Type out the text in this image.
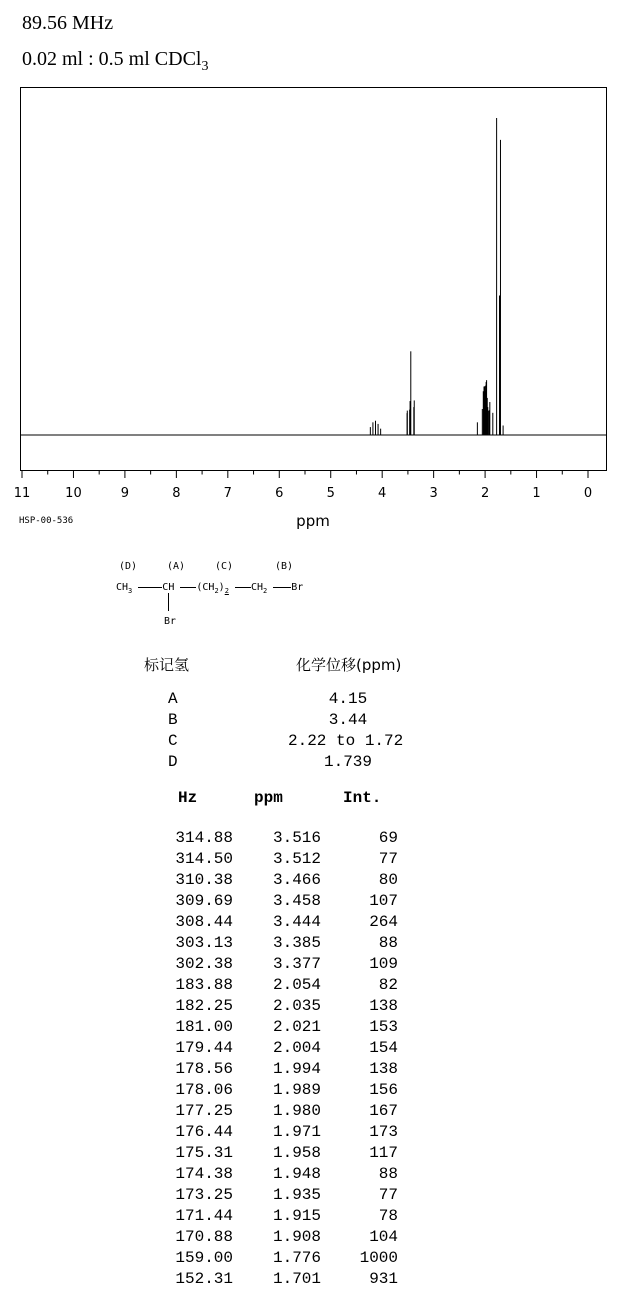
89.56 MHz
0.02 ml : 0.5 ml CDCl$_3$
11	10	9	8	7	6	5	4	3	2	1	0
ppm
HSP-00-536
(D)	(A)	(C)	(B)
$CH_3$	CH $(CH_2)_2$ $CH_2$ Br
Br
标记氢	化学位移(ppm)
A	4.15
B	3.44
C	2.22 to 1.72
D	1.739
Hz	ppm	Int.
314.88 3.516	69
314.50 3.512	77
310.38 3.466	80
309.69 3.458	107
308.44 3.444	264
303.13 3.385	88
302.38 3.377	109
183.88 2.054	82
182.25 2.035	138
181.00 2.021	153
179.44 2.004	154
178.56 1.994	138
178.06 1.989	156
177.25 1.980	167
176.44 1.971	173
175.31 1.958	117
174.38 1.948	88
173.25 1.935	77
171.44 1.915	78
170.88 1.908	104
159.00 1.776 1000
152.31 1.701	931
